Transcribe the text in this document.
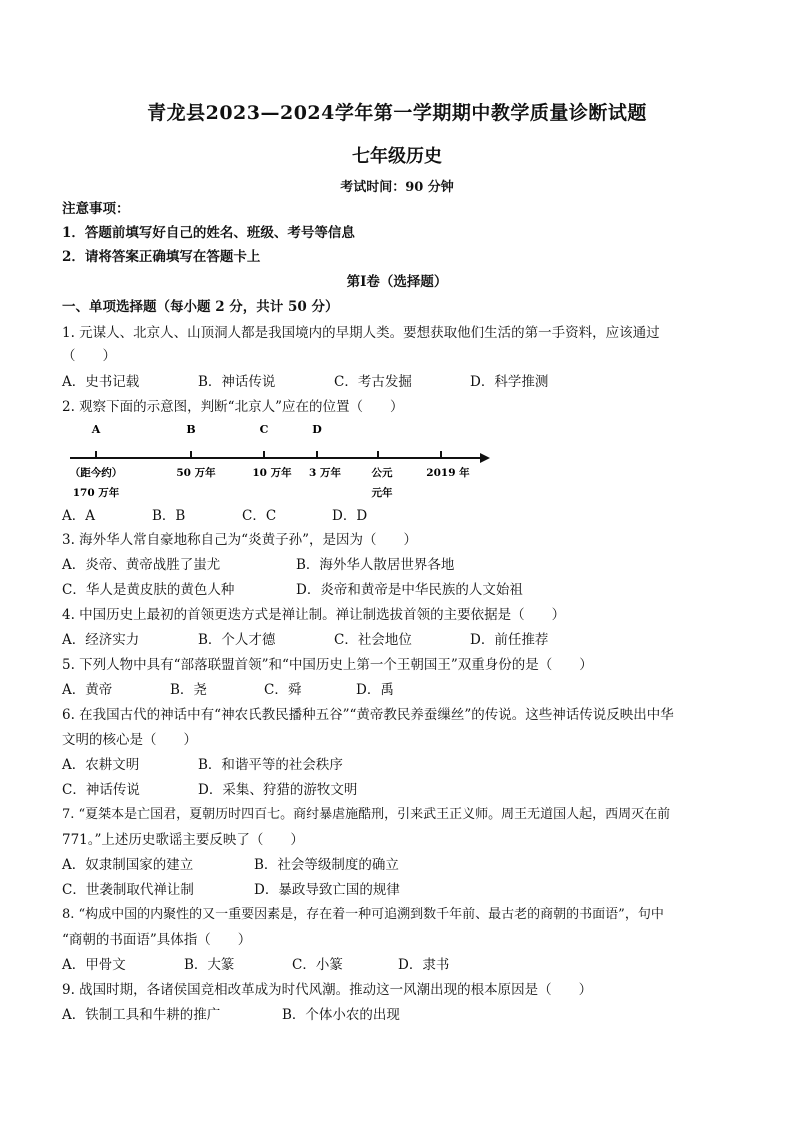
青龙县2023—2024学年第一学期期中教学质量诊断试题
七年级历史
考试时间：90 分钟
注意事项：
1．答题前填写好自己的姓名、班级、考号等信息
2．请将答案正确填写在答题卡上
第Ⅰ卷（选择题）
一、单项选择题（每小题 2 分，共计 50 分）
1. 元谋人、北京人、山顶洞人都是我国境内的早期人类。要想获取他们生活的第一手资料，应该通过
（　　）
A．史书记载	B．神话传说	C．考古发掘	D．科学推测
2. 观察下面的示意图，判断“北京人”应在的位置（　　）
A	B	C	D
（距今约）
170 万年
50 万年	10 万年 3 万年	公元
元年
2019 年
A．A	B．B	C．C	D．D
3. 海外华人常自豪地称自己为“炎黄子孙”，是因为（　　）
A．炎帝、黄帝战胜了蚩尤	B．海外华人散居世界各地
C．华人是黄皮肤的黄色人种	D．炎帝和黄帝是中华民族的人文始祖
4. 中国历史上最初的首领更迭方式是禅让制。禅让制选拔首领的主要依据是（　　）
A．经济实力	B．个人才德	C．社会地位	D．前任推荐
5. 下列人物中具有“部落联盟首领”和“中国历史上第一个王朝国王”双重身份的是（　　）
A．黄帝	B．尧	C．舜	D．禹
6. 在我国古代的神话中有“神农氏教民播种五谷”“黄帝教民养蚕缫丝”的传说。这些神话传说反映出中华
文明的核心是（　　）
A．农耕文明	B．和谐平等的社会秩序
C．神话传说	D．采集、狩猎的游牧文明
7. “夏桀本是亡国君，夏朝历时四百七。商纣暴虐施酷刑，引来武王正义师。周王无道国人起，西周灭在前
771。”上述历史歌谣主要反映了（　　）
A．奴隶制国家的建立	B．社会等级制度的确立
C．世袭制取代禅让制	D．暴政导致亡国的规律
8. “构成中国的内聚性的又一重要因素是，存在着一种可追溯到数千年前、最古老的商朝的书面语”，句中
“商朝的书面语”具体指（　　）
A．甲骨文	B．大篆	C．小篆	D．隶书
9. 战国时期，各诸侯国竞相改革成为时代风潮。推动这一风潮出现的根本原因是（　　）
A．铁制工具和牛耕的推广	B．个体小农的出现
